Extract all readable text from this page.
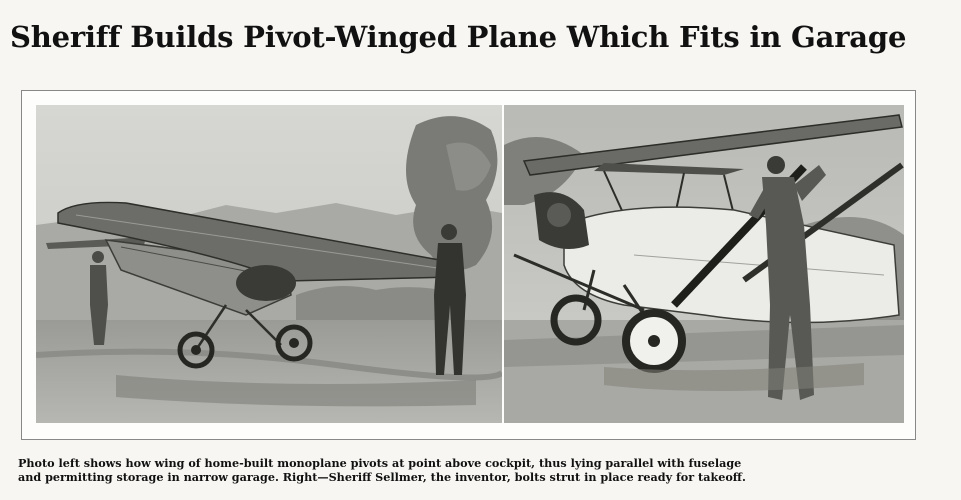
Sheriff Builds Pivot-Winged Plane Which Fits in Garage

Photo left shows how wing of home-built monoplane pivots at point above cockpit, thus lying parallel with fuselage
and permitting storage in narrow garage. Right—Sheriff Sellmer, the inventor, bolts strut in place ready for takeoff.
